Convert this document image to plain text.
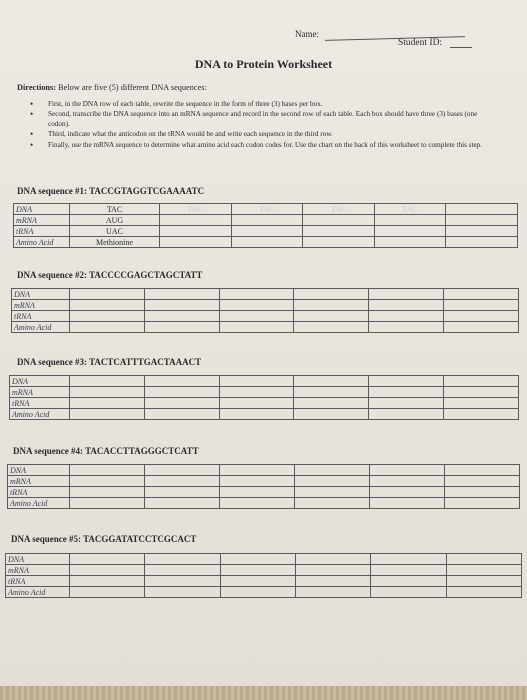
Name:
Student ID:
DNA to Protein Worksheet
Directions: Below are five (5) different DNA sequences:
• First, in the DNA row of each table, rewrite the sequence in the form of three (3) bases per box.
• Second, transcribe the DNA sequence into an mRNA sequence and record in the second row of each table. Each box should have three (3) bases (one codon).
• Third, indicate what the anticodon on the tRNA would be and write each sequence in the third row.
• Finally, use the mRNA sequence to determine what amino acid each codon codes for. Use the chart on the back of this worksheet to complete this step.
DNA sequence #1: TACCGTAGGTCGAAAATC
DNA	TAC	TAC	TAC	TAC	TAC	
mRNA	AUG					
tRNA	UAC					
Amino Acid	Methionine					
DNA sequence #2: TACCCCGAGCTAGCTATT
DNA						
mRNA						
tRNA						
Amino Acid						
DNA sequence #3: TACTCATTTGACTAAACT
DNA						
mRNA						
tRNA						
Amino Acid						
DNA sequence #4: TACACCTTAGGGCTCATT
DNA						
mRNA						
tRNA						
Amino Acid						
DNA sequence #5: TACGGATATCCTCGCACT
DNA						
mRNA						
tRNA						
Amino Acid						
